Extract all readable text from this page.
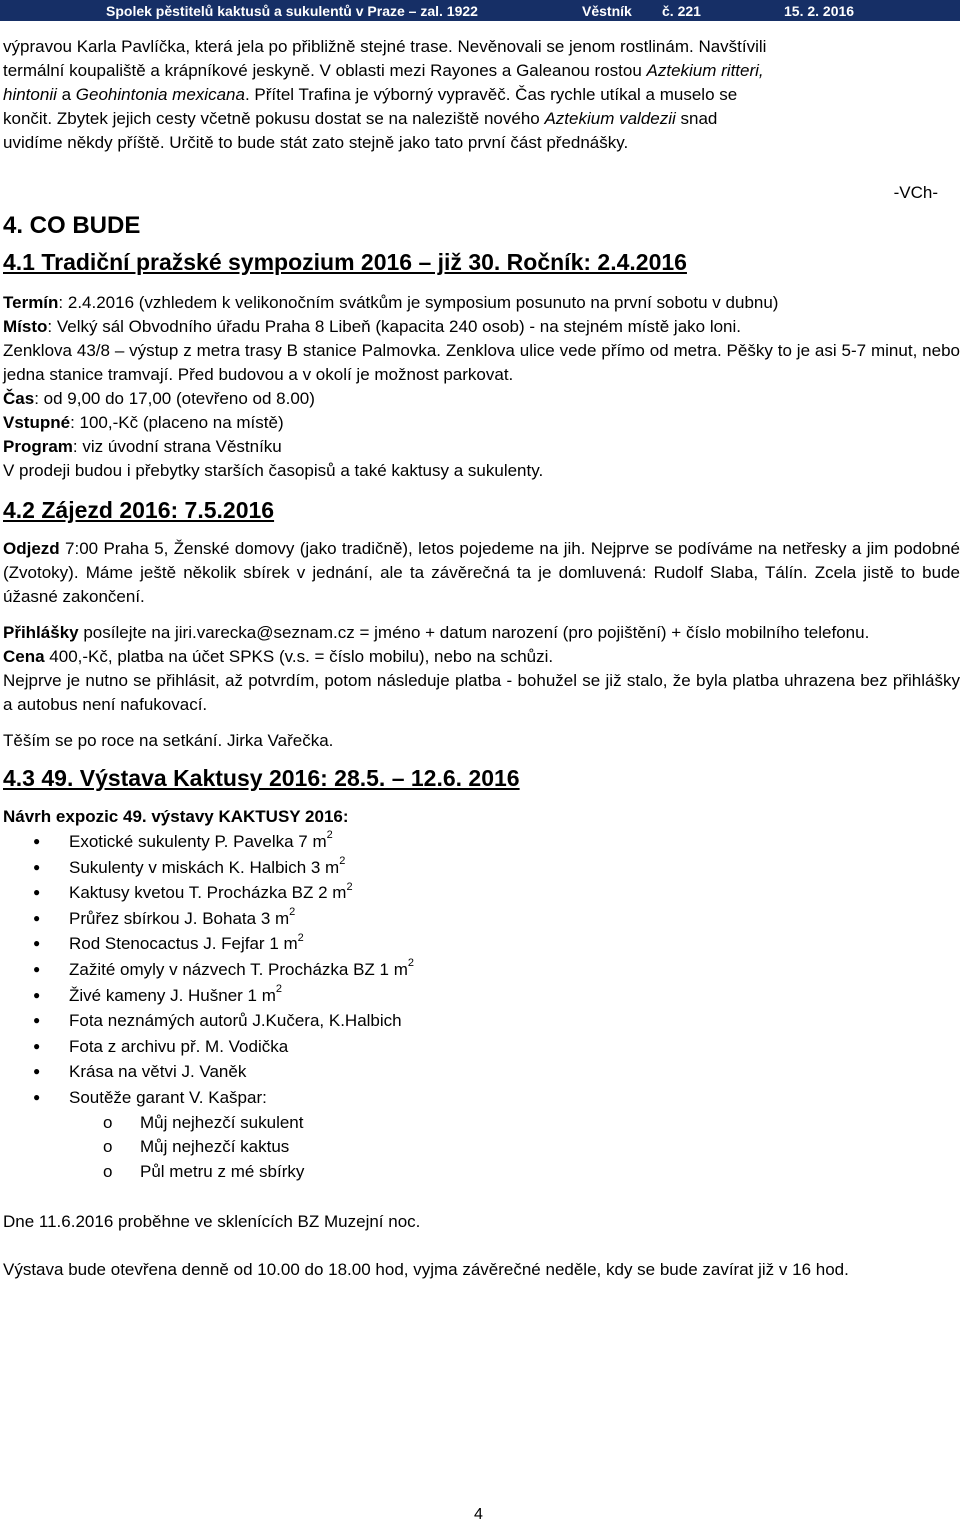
Spolek pěstitelů kaktusů a sukulentů v Praze – zal. 1922	Věstník č. 221	15. 2. 2016

výpravou Karla Pavlíčka, která jela po přibližně stejné trase. Nevěnovali se jenom rostlinám. Navštívili
termální koupaliště a krápníkové jeskyně. V oblasti mezi Rayones a Galeanou rostou Aztekium ritteri,
hintonii a Geohintonia mexicana. Přítel Trafina je výborný vypravěč. Čas rychle utíkal a muselo se
končit. Zbytek jejich cesty včetně pokusu dostat se na naleziště nového Aztekium valdezii snad
uvidíme někdy příště. Určitě to bude stát zato stejně jako tato první část přednášky.

-VCh-

4. CO BUDE

4.1 Tradiční pražské sympozium 2016 – již 30. Ročník: 2.4.2016

Termín: 2.4.2016 (vzhledem k velikonočním svátkům je symposium posunuto na první sobotu v dubnu)

Místo: Velký sál Obvodního úřadu Praha 8 Libeň (kapacita 240 osob) - na stejném místě jako loni.

Zenklova 43/8 – výstup z metra trasy B stanice Palmovka. Zenklova ulice vede přímo od metra. Pěšky to je asi 5-7 minut, nebo jedna stanice tramvají. Před budovou a v okolí je možnost parkovat.

Čas: od 9,00 do 17,00 (otevřeno od 8.00)

Vstupné: 100,-Kč (placeno na místě)

Program: viz úvodní strana Věstníku

V prodeji budou i přebytky starších časopisů a také kaktusy a sukulenty.

4.2 Zájezd 2016: 7.5.2016

Odjezd 7:00 Praha 5, Ženské domovy (jako tradičně), letos pojedeme na jih. Nejprve se podíváme na netřesky a jim podobné (Zvotoky). Máme ještě několik sbírek v jednání, ale ta závěrečná ta je domluvená: Rudolf Slaba, Tálín. Zcela jistě to bude úžasné zakončení.

Přihlášky posílejte na jiri.varecka@seznam.cz = jméno + datum narození (pro pojištění) + číslo mobilního telefonu.

Cena 400,-Kč, platba na účet SPKS (v.s. = číslo mobilu), nebo na schůzi.

Nejprve je nutno se přihlásit, až potvrdím, potom následuje platba - bohužel se již stalo, že byla platba uhrazena bez přihlášky a autobus není nafukovací.

Těším se po roce na setkání. Jirka Vařečka.

4.3 49. Výstava Kaktusy 2016: 28.5. – 12.6. 2016

Návrh expozic 49. výstavy KAKTUSY 2016:

● Exotické sukulenty P. Pavelka 7 $m^2$
● Sukulenty v miskách K. Halbich 3 $m^2$
● Kaktusy kvetou T. Procházka BZ 2 $m^2$
● Průřez sbírkou J. Bohata 3 $m^2$
● Rod Stenocactus J. Fejfar 1 $m^2$
● Zažité omyly v názvech T. Procházka BZ 1 $m^2$
● Živé kameny J. Hušner 1 $m^2$
● Fota neznámých autorů J.Kučera, K.Halbich
● Fota z archivu př. M. Vodička
● Krása na větvi J. Vaněk
● Soutěže garant V. Kašpar:
o Můj nejhezčí sukulent
o Můj nejhezčí kaktus
o Půl metru z mé sbírky

Dne 11.6.2016 proběhne ve sklenících BZ Muzejní noc.

Výstava bude otevřena denně od 10.00 do 18.00 hod, vyjma závěrečné neděle, kdy se bude zavírat již v 16 hod.

4
